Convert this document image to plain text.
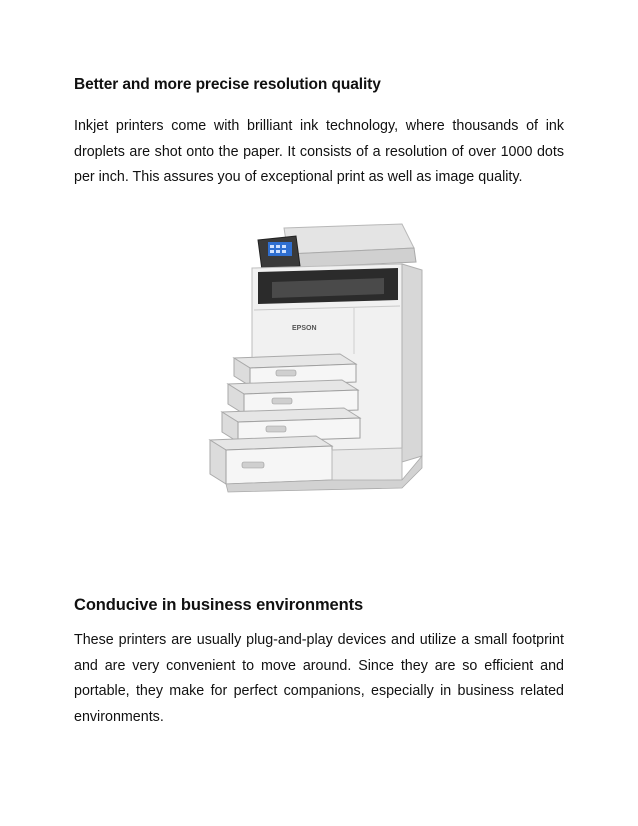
Better and more precise resolution quality

Inkjet printers come with brilliant ink technology, where thousands of ink droplets are shot onto the paper. It consists of a resolution of over 1000 dots per inch. This assures you of exceptional print as well as image quality.

EPSON
Conducive in business environments

These printers are usually plug-and-play devices and utilize a small footprint and are very convenient to move around. Since they are so efficient and portable, they make for perfect companions, especially in business related environments.
